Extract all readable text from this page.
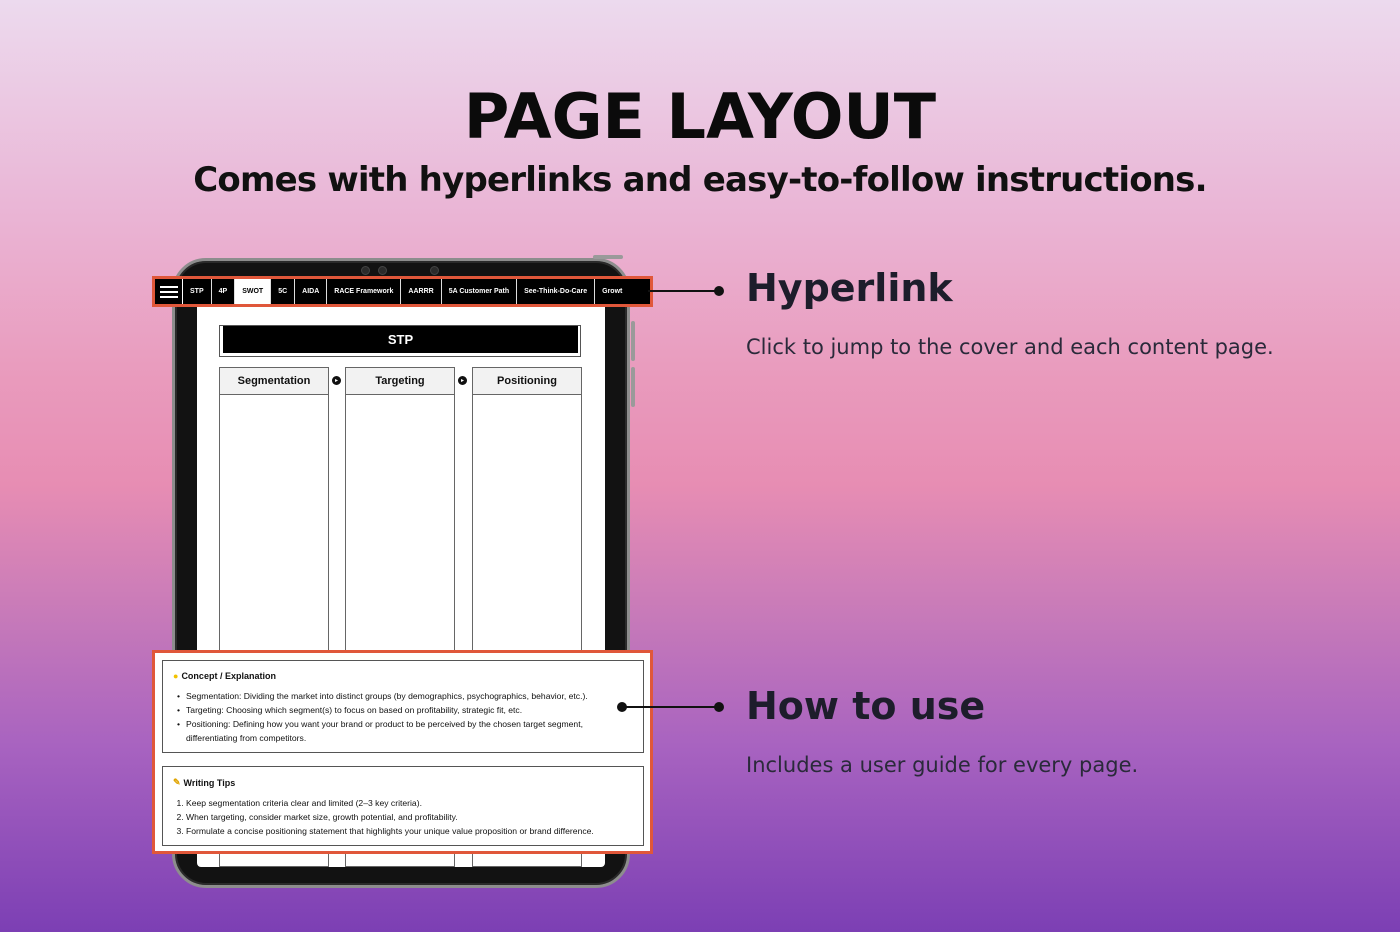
PAGE LAYOUT
Comes with hyperlinks and easy-to-follow instructions.
STP
Segmentation	▸	Targeting	▸	Positioning
STP	4P	SWOT	5C	AIDA	RACE Framework	AARRR	5A Customer Path	See-Think-Do-Care	Growt
● Concept / Explanation
• Segmentation: Dividing the market into distinct groups (by demographics, psychographics, behavior, etc.).
• Targeting: Choosing which segment(s) to focus on based on profitability, strategic fit, etc.
• Positioning: Defining how you want your brand or product to be perceived by the chosen target segment, differentiating from competitors.
✎ Writing Tips
1. Keep segmentation criteria clear and limited (2–3 key criteria).
2. When targeting, consider market size, growth potential, and profitability.
3. Formulate a concise positioning statement that highlights your unique value proposition or brand difference.
Hyperlink
Click to jump to the cover and each content page.
How to use
Includes a user guide for every page.
